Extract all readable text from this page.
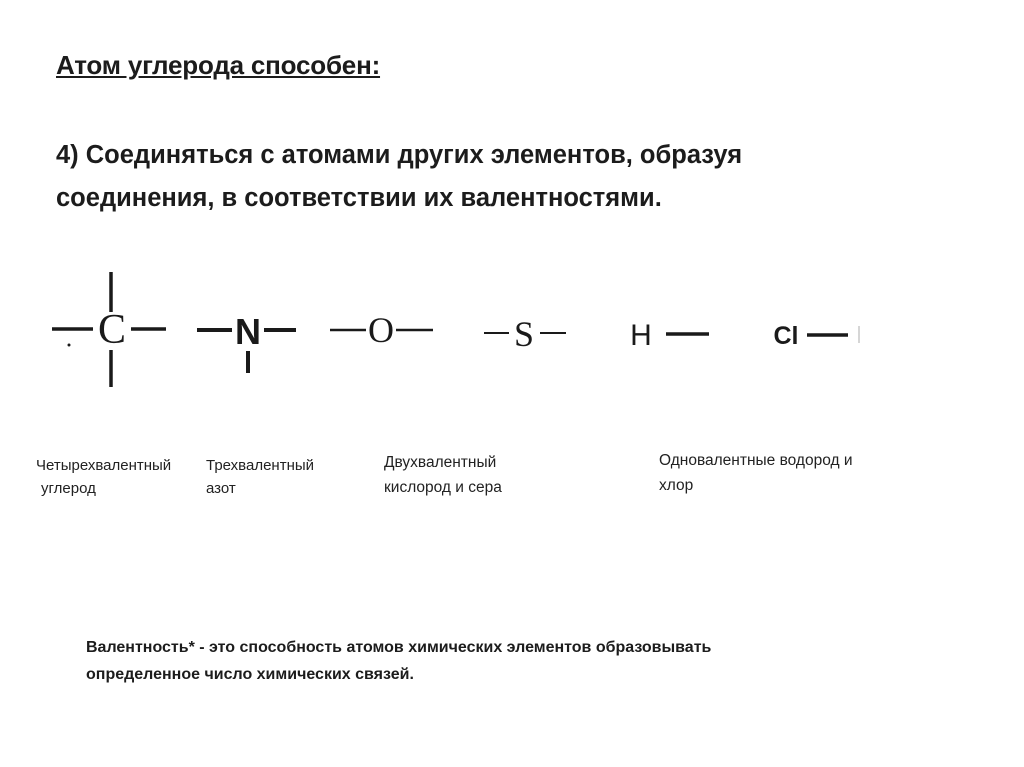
Атом углерода способен:
4) Соединяться с атомами других элементов, образуя
соединения, в соответствии их валентностями.
C	N	O	S	H	Cl
Четырехвалентный
углерод
Трехвалентный
азот
Двухвалентный
кислород и сера
Одновалентные водород и
хлор
Валентность* - это способность атомов химических элементов образовывать
определенное число химических связей.
